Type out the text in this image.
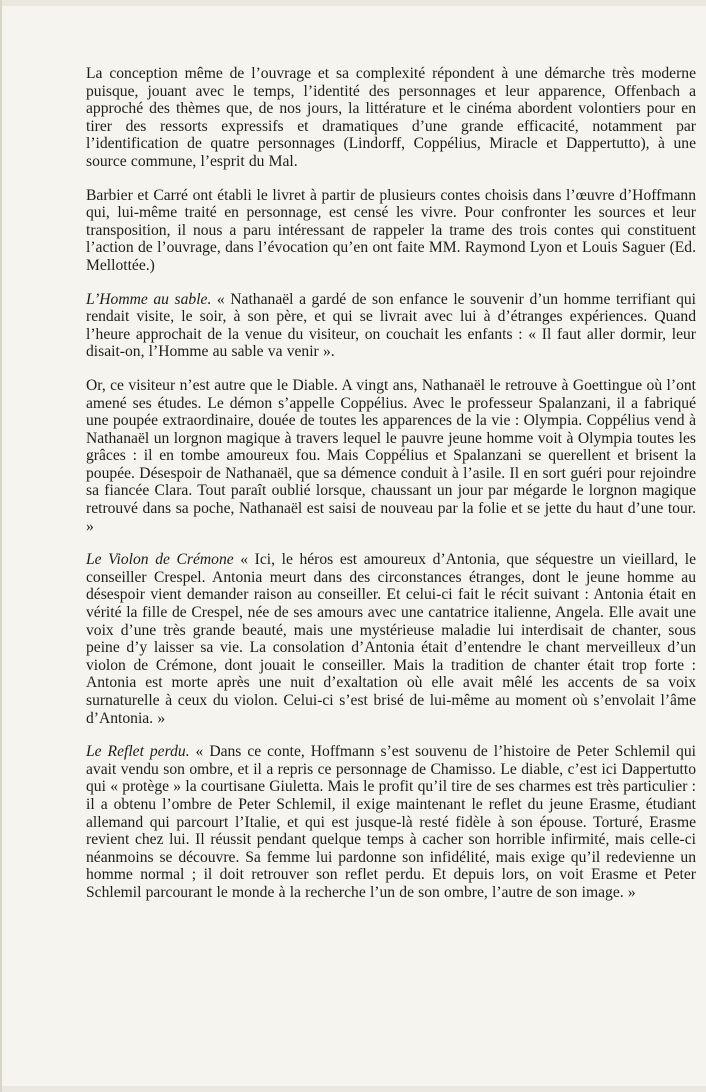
La conception même de l’ouvrage et sa complexité répondent à une démarche très moderne puisque, jouant avec le temps, l’identité des personnages et leur apparence, Offenbach a approché des thèmes que, de nos jours, la littérature et le cinéma abordent volontiers pour en tirer des ressorts expressifs et dramatiques d’une grande efficacité, notamment par l’identification de quatre personnages (Lindorff, Coppélius, Miracle et Dappertutto), à une source commune, l’esprit du Mal.

Barbier et Carré ont établi le livret à partir de plusieurs contes choisis dans l’œuvre d’Hoffmann qui, lui-même traité en personnage, est censé les vivre. Pour confronter les sources et leur transposition, il nous a paru intéressant de rappeler la trame des trois contes qui constituent l’action de l’ouvrage, dans l’évocation qu’en ont faite MM. Raymond Lyon et Louis Saguer (Ed. Mellottée.)

L’Homme au sable. « Nathanaël a gardé de son enfance le souvenir d’un homme terrifiant qui rendait visite, le soir, à son père, et qui se livrait avec lui à d’étranges expériences. Quand l’heure approchait de la venue du visiteur, on couchait les enfants : « Il faut aller dormir, leur disait-on, l’Homme au sable va venir ».

Or, ce visiteur n’est autre que le Diable. A vingt ans, Nathanaël le retrouve à Goettingue où l’ont amené ses études. Le démon s’appelle Coppélius. Avec le professeur Spalanzani, il a fabriqué une poupée extraordinaire, douée de toutes les apparences de la vie : Olympia. Coppélius vend à Nathanaël un lorgnon magique à travers lequel le pauvre jeune homme voit à Olympia toutes les grâces : il en tombe amoureux fou. Mais Coppélius et Spalanzani se querellent et brisent la poupée. Désespoir de Nathanaël, que sa démence conduit à l’asile. Il en sort guéri pour rejoindre sa fiancée Clara. Tout paraît oublié lorsque, chaussant un jour par mégarde le lorgnon magique retrouvé dans sa poche, Nathanaël est saisi de nouveau par la folie et se jette du haut d’une tour. »

Le Violon de Crémone « Ici, le héros est amoureux d’Antonia, que séquestre un vieillard, le conseiller Crespel. Antonia meurt dans des circonstances étranges, dont le jeune homme au désespoir vient demander raison au conseiller. Et celui-ci fait le récit suivant : Antonia était en vérité la fille de Crespel, née de ses amours avec une cantatrice italienne, Angela. Elle avait une voix d’une très grande beauté, mais une mystérieuse maladie lui interdisait de chanter, sous peine d’y laisser sa vie. La consolation d’Antonia était d’entendre le chant merveilleux d’un violon de Crémone, dont jouait le conseiller. Mais la tradition de chanter était trop forte : Antonia est morte après une nuit d’exaltation où elle avait mêlé les accents de sa voix surnaturelle à ceux du violon. Celui-ci s’est brisé de lui-même au moment où s’envolait l’âme d’Antonia. »

Le Reflet perdu. « Dans ce conte, Hoffmann s’est souvenu de l’histoire de Peter Schlemil qui avait vendu son ombre, et il a repris ce personnage de Chamisso. Le diable, c’est ici Dappertutto qui « protège » la courtisane Giuletta. Mais le profit qu’il tire de ses charmes est très particulier : il a obtenu l’ombre de Peter Schlemil, il exige maintenant le reflet du jeune Erasme, étudiant allemand qui parcourt l’Italie, et qui est jusque-là resté fidèle à son épouse. Torturé, Erasme revient chez lui. Il réussit pendant quelque temps à cacher son horrible infirmité, mais celle-ci néanmoins se découvre. Sa femme lui pardonne son infidélité, mais exige qu’il redevienne un homme normal ; il doit retrouver son reflet perdu. Et depuis lors, on voit Erasme et Peter Schlemil parcourant le monde à la recherche l’un de son ombre, l’autre de son image. »
